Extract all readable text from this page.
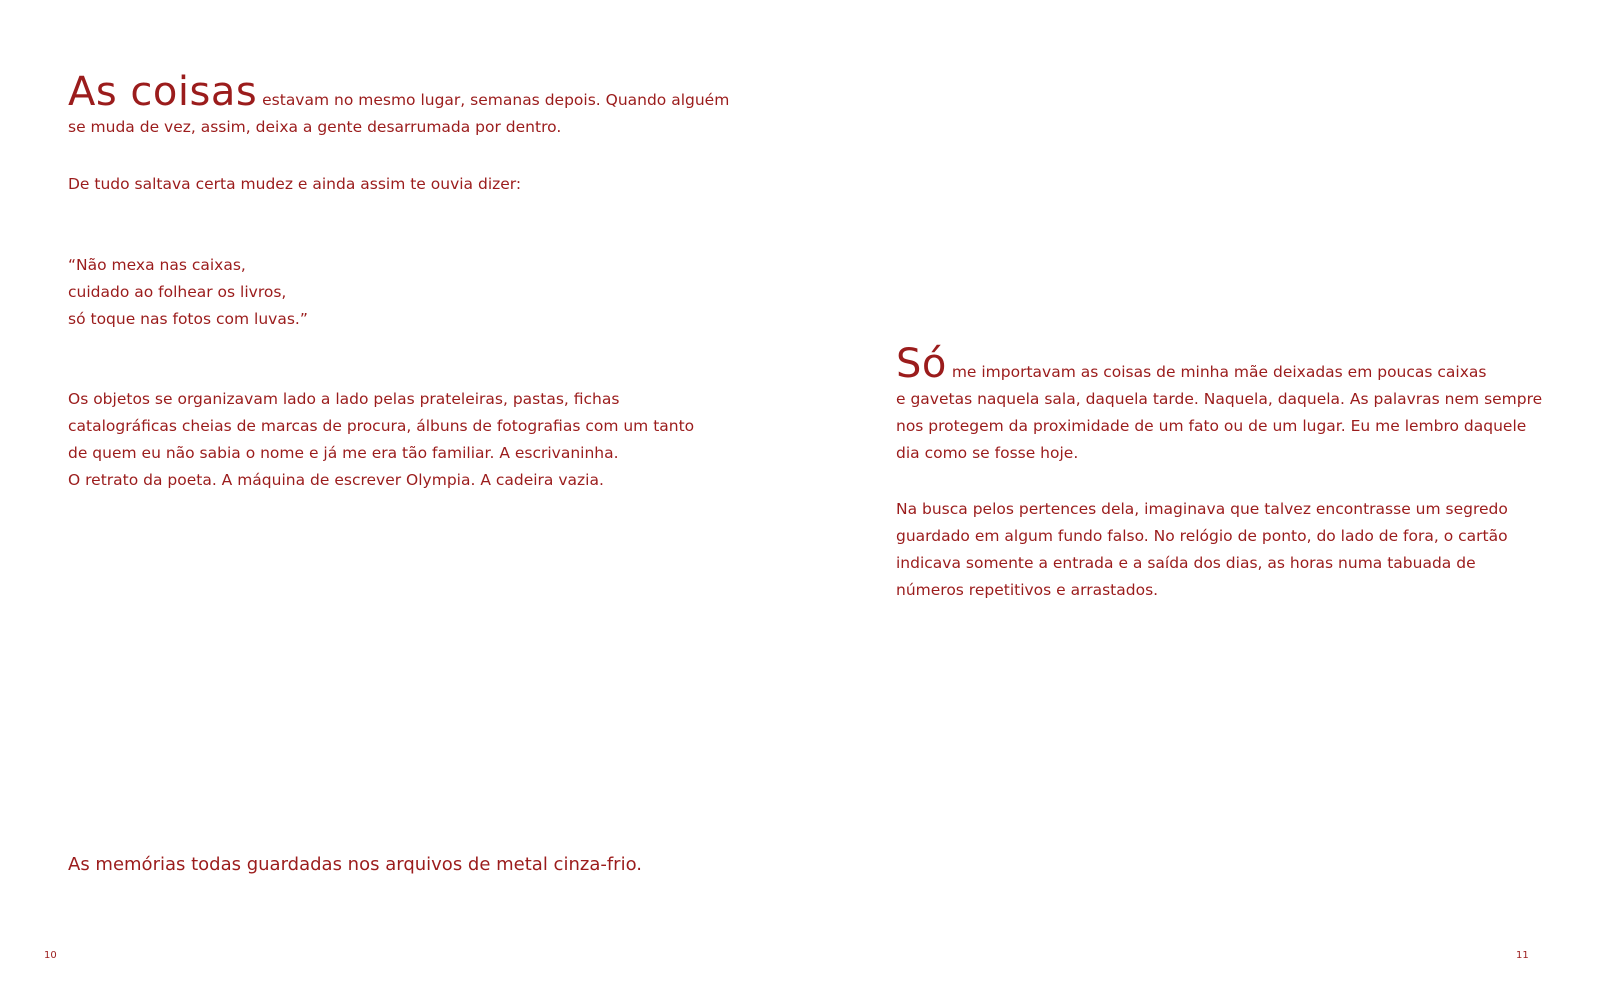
As coisas estavam no mesmo lugar, semanas depois. Quando alguém
se muda de vez, assim, deixa a gente desarrumada por dentro.

De tudo saltava certa mudez e ainda assim te ouvia dizer:

“Não mexa nas caixas,
cuidado ao folhear os livros,
só toque nas fotos com luvas.”

Os objetos se organizavam lado a lado pelas prateleiras, pastas, fichas
catalográficas cheias de marcas de procura, álbuns de fotografias com um tanto
de quem eu não sabia o nome e já me era tão familiar. A escrivaninha.
O retrato da poeta. A máquina de escrever Olympia. A cadeira vazia.

As memórias todas guardadas nos arquivos de metal cinza-frio.

10

Só me importavam as coisas de minha mãe deixadas em poucas caixas
e gavetas naquela sala, daquela tarde. Naquela, daquela. As palavras nem sempre
nos protegem da proximidade de um fato ou de um lugar. Eu me lembro daquele
dia como se fosse hoje.

Na busca pelos pertences dela, imaginava que talvez encontrasse um segredo
guardado em algum fundo falso. No relógio de ponto, do lado de fora, o cartão
indicava somente a entrada e a saída dos dias, as horas numa tabuada de
números repetitivos e arrastados.

11
